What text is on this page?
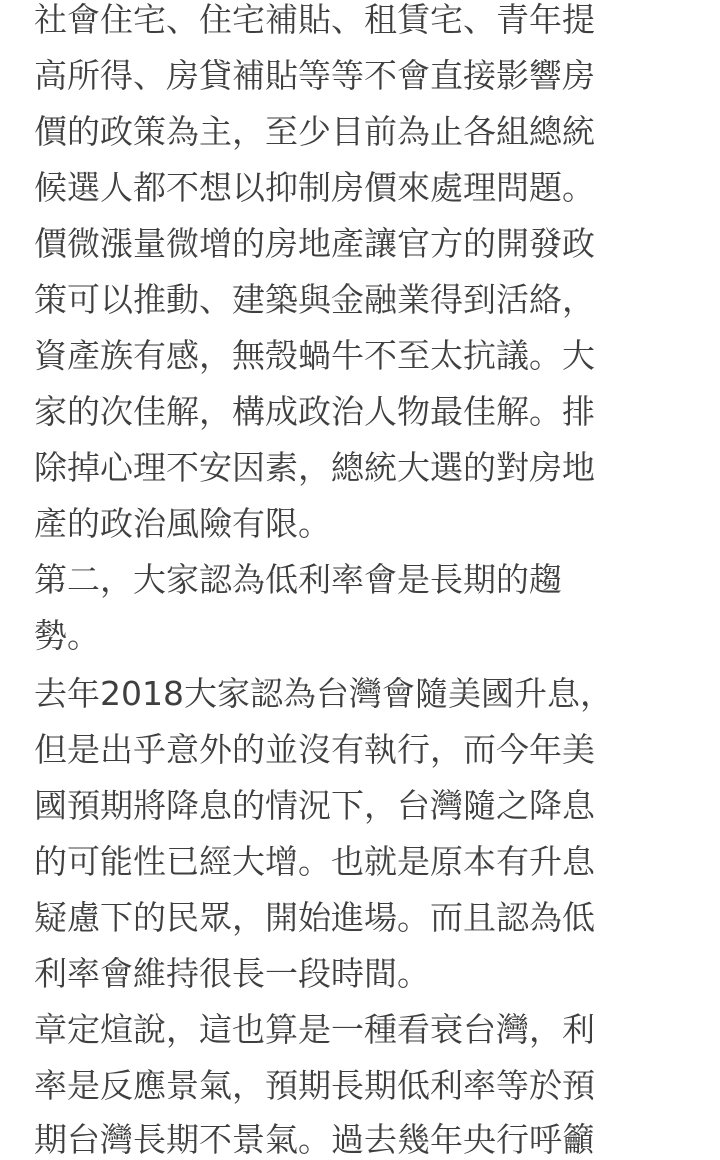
社會住宅、住宅補貼、租賃宅、青年提
高所得、房貸補貼等等不會直接影響房
價的政策為主，至少目前為止各組總統
候選人都不想以抑制房價來處理問題。
價微漲量微增的房地產讓官方的開發政
策可以推動、建築與金融業得到活絡，
資產族有感，無殼蝸牛不至太抗議。大
家的次佳解，構成政治人物最佳解。排
除掉心理不安因素，總統大選的對房地
產的政治風險有限。
第二，大家認為低利率會是長期的趨
勢。
去年2018大家認為台灣會隨美國升息，
但是出乎意外的並沒有執行，而今年美
國預期將降息的情況下，台灣隨之降息
的可能性已經大增。也就是原本有升息
疑慮下的民眾，開始進場。而且認為低
利率會維持很長一段時間。
章定煊說，這也算是一種看衰台灣，利
率是反應景氣，預期長期低利率等於預
期台灣長期不景氣。過去幾年央行呼籲
